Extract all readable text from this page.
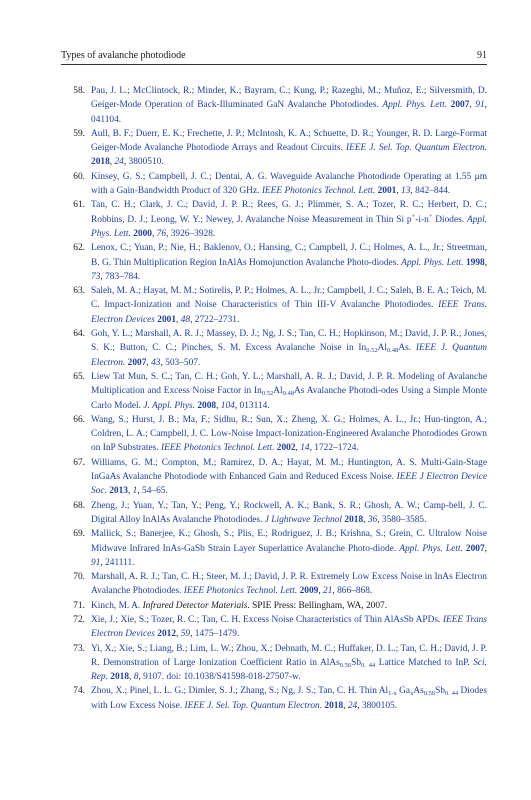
Types of avalanche photodiode	91
58. Pau, J. L.; McClintock, R.; Minder, K.; Bayram, C.; Kung, P.; Razeghi, M.; Muñoz, E.; Silversmith, D. Geiger-Mode Operation of Back-Illuminated GaN Avalanche Photodiodes. Appl. Phys. Lett. 2007, 91, 041104.
59. Aull, B. F.; Duerr, E. K.; Frechette, J. P.; McIntosh, K. A.; Schuette, D. R.; Younger, R. D. Large-Format Geiger-Mode Avalanche Photodiode Arrays and Readout Circuits. IEEE J. Sel. Top. Quantum Electron. 2018, 24, 3800510.
60. Kinsey, G. S.; Campbell, J. C.; Dentai, A. G. Waveguide Avalanche Photodiode Operating at 1.55 μm with a Gain-Bandwidth Product of 320 GHz. IEEE Photonics Technol. Lett. 2001, 13, 842–844.
61. Tan, C. H.; Clark, J. C.; David, J. P. R.; Rees, G. J.; Plimmer, S. A.; Tozer, R. C.; Herbert, D. C.; Robbins, D. J.; Leong, W. Y.; Newey, J. Avalanche Noise Measurement in Thin Si p+-i-n+ Diodes. Appl. Phys. Lett. 2000, 76, 3926–3928.
62. Lenox, C.; Yuan, P.; Nie, H.; Baklenov, O.; Hansing, C.; Campbell, J. C.; Holmes, A. L., Jr.; Streetman, B. G. Thin Multiplication Region InAlAs Homojunction Avalanche Photo-diodes. Appl. Phys. Lett. 1998, 73, 783–784.
63. Saleh, M. A.; Hayat, M. M.; Sotirelis, P. P.; Holmes, A. L., Jr.; Campbell, J. C.; Saleh, B. E. A.; Teich, M. C. Impact-Ionization and Noise Characteristics of Thin III-V Avalanche Photodiodes. IEEE Trans. Electron Devices 2001, 48, 2722–2731.
64. Goh, Y. L.; Marshall, A. R. J.; Massey, D. J.; Ng, J. S.; Tan, C. H.; Hopkinson, M.; David, J. P. R.; Jones, S. K.; Button, C. C.; Pinches, S. M. Excess Avalanche Noise in $In_{0.52}Al_{0.48}As$. IEEE J. Quantum Electron. 2007, 43, 503–507.
65. Liew Tat Mun, S. C.; Tan, C. H.; Goh, Y. L.; Marshall, A. R. J.; David, J. P. R. Modeling of Avalanche Multiplication and Excess Noise Factor in $In_{0.52}Al_{0.48}As$ Avalanche Photodi-odes Using a Simple Monte Carlo Model. J. Appl. Phys. 2008, 104, 013114.
66. Wang, S.; Hurst, J. B.; Ma, F.; Sidhu, R.; Sun, X.; Zheng, X. G.; Holmes, A. L., Jr.; Hun-tington, A.; Coldren, L. A.; Campbell, J. C. Low-Noise Impact-Ionization-Engineered Avalanche Photodiodes Grown on InP Substrates. IEEE Photonics Technol. Lett. 2002, 14, 1722–1724.
67. Williams, G. M.; Compton, M.; Ramirez, D. A.; Hayat, M. M.; Huntington, A. S. Multi-Gain-Stage InGaAs Avalanche Photodiode with Enhanced Gain and Reduced Excess Noise. IEEE J Electron Device Soc. 2013, 1, 54–65.
68. Zheng, J.; Yuan, Y.; Tan, Y.; Peng, Y.; Rockwell, A. K.; Bank, S. R.; Ghosh, A. W.; Camp-bell, J. C. Digital Alloy InAlAs Avalanche Photodiodes. J Lightwave Technol 2018, 36, 3580–3585.
69. Mallick, S.; Banerjee, K.; Ghosh, S.; Plis, E.; Rodriguez, J. B.; Krishna, S.; Grein, C. Ultralow Noise Midwave Infrared InAs-GaSb Strain Layer Superlattice Avalanche Photo-diode. Appl. Phys. Lett. 2007, 91, 241111.
70. Marshall, A. R. J.; Tan, C. H.; Steer, M. J.; David, J. P. R. Extremely Low Excess Noise in InAs Electron Avalanche Photodiodes. IEEE Photonics Technol. Lett. 2009, 21, 866–868.
71. Kinch, M. A. Infrared Detector Materials. SPIE Press: Bellingham, WA, 2007.
72. Xie, J.; Xie, S.; Tozer, R. C.; Tan, C. H. Excess Noise Characteristics of Thin AlAsSb APDs. IEEE Trans Electron Devices 2012, 59, 1475–1479.
73. Yi, X.; Xie, S.; Liang, B.; Lim, L. W.; Zhou, X.; Debnath, M. C.; Huffaker, D. L.; Tan, C. H.; David, J. P. R. Demonstration of Large Ionization Coefficient Ratio in $AlAs_{0.56}Sb_{0. 44}$ Lattice Matched to InP. Sci. Rep. 2018, 8, 9107. doi: 10.1038/S41598-018-27507-w.
74. Zhou, X.; Pinel, L. L. G.; Dimler, S. J.; Zhang, S.; Ng, J. S.; Tan, C. H. Thin $Al_{1-x}$ $Ga_xAs_{0.56}Sb_{0. 44}$ Diodes with Low Excess Noise. IEEE J. Sel. Top. Quantum Electron. 2018, 24, 3800105.
